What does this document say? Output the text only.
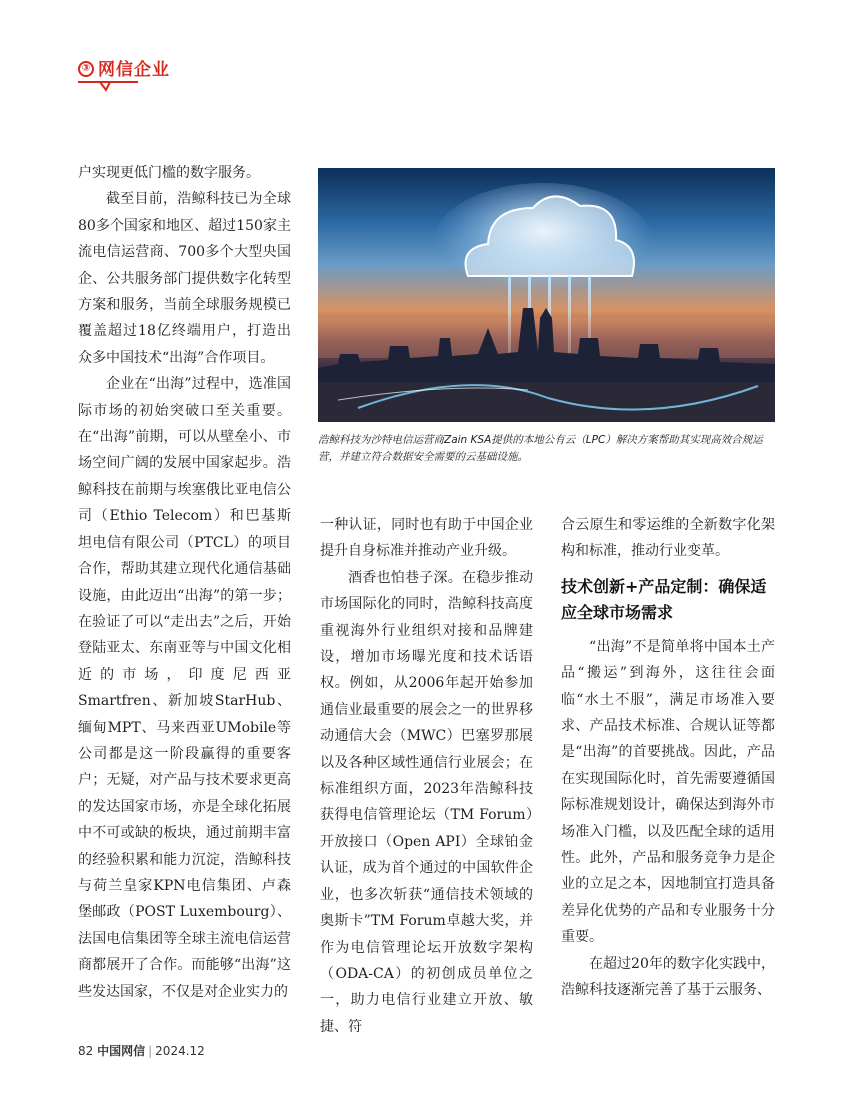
③ 网信企业

户实现更低门槛的数字服务。

截至目前，浩鲸科技已为全球80多个国家和地区、超过150家主流电信运营商、700多个大型央国企、公共服务部门提供数字化转型方案和服务，当前全球服务规模已覆盖超过18亿终端用户，打造出众多中国技术“出海”合作项目。

企业在“出海”过程中，选准国际市场的初始突破口至关重要。在“出海”前期，可以从壁垒小、市场空间广阔的发展中国家起步。浩鲸科技在前期与埃塞俄比亚电信公司（Ethio Telecom）和巴基斯坦电信有限公司（PTCL）的项目合作，帮助其建立现代化通信基础设施，由此迈出“出海”的第一步；在验证了可以“走出去”之后，开始登陆亚太、东南亚等与中国文化相近的市场，印度尼西亚Smartfren、新加坡StarHub、缅甸MPT、马来西亚UMobile等公司都是这一阶段赢得的重要客户；无疑，对产品与技术要求更高的发达国家市场，亦是全球化拓展中不可或缺的板块，通过前期丰富的经验积累和能力沉淀，浩鲸科技与荷兰皇家KPN电信集团、卢森堡邮政（POST Luxembourg）、法国电信集团等全球主流电信运营商都展开了合作。而能够“出海”这些发达国家，不仅是对企业实力的

浩鲸科技为沙特电信运营商Zain KSA提供的本地公有云（LPC）解决方案帮助其实现高效合规运营，并建立符合数据安全需要的云基础设施。

一种认证，同时也有助于中国企业提升自身标准并推动产业升级。

酒香也怕巷子深。在稳步推动市场国际化的同时，浩鲸科技高度重视海外行业组织对接和品牌建设，增加市场曝光度和技术话语权。例如，从2006年起开始参加通信业最重要的展会之一的世界移动通信大会（MWC）巴塞罗那展以及各种区域性通信行业展会；在标准组织方面，2023年浩鲸科技获得电信管理论坛（TM Forum）开放接口（Open API）全球铂金认证，成为首个通过的中国软件企业，也多次斩获“通信技术领域的奥斯卡”TM Forum卓越大奖，并作为电信管理论坛开放数字架构（ODA-CA）的初创成员单位之一，助力电信行业建立开放、敏捷、符

合云原生和零运维的全新数字化架构和标准，推动行业变革。

技术创新+产品定制：确保适应全球市场需求

“出海”不是简单将中国本土产品“搬运”到海外，这往往会面临“水土不服”，满足市场准入要求、产品技术标准、合规认证等都是“出海”的首要挑战。因此，产品在实现国际化时，首先需要遵循国际标准规划设计，确保达到海外市场准入门槛，以及匹配全球的适用性。此外，产品和服务竞争力是企业的立足之本，因地制宜打造具备差异化优势的产品和专业服务十分重要。

在超过20年的数字化实践中，浩鲸科技逐渐完善了基于云服务、

82 中国网信 | 2024.12
